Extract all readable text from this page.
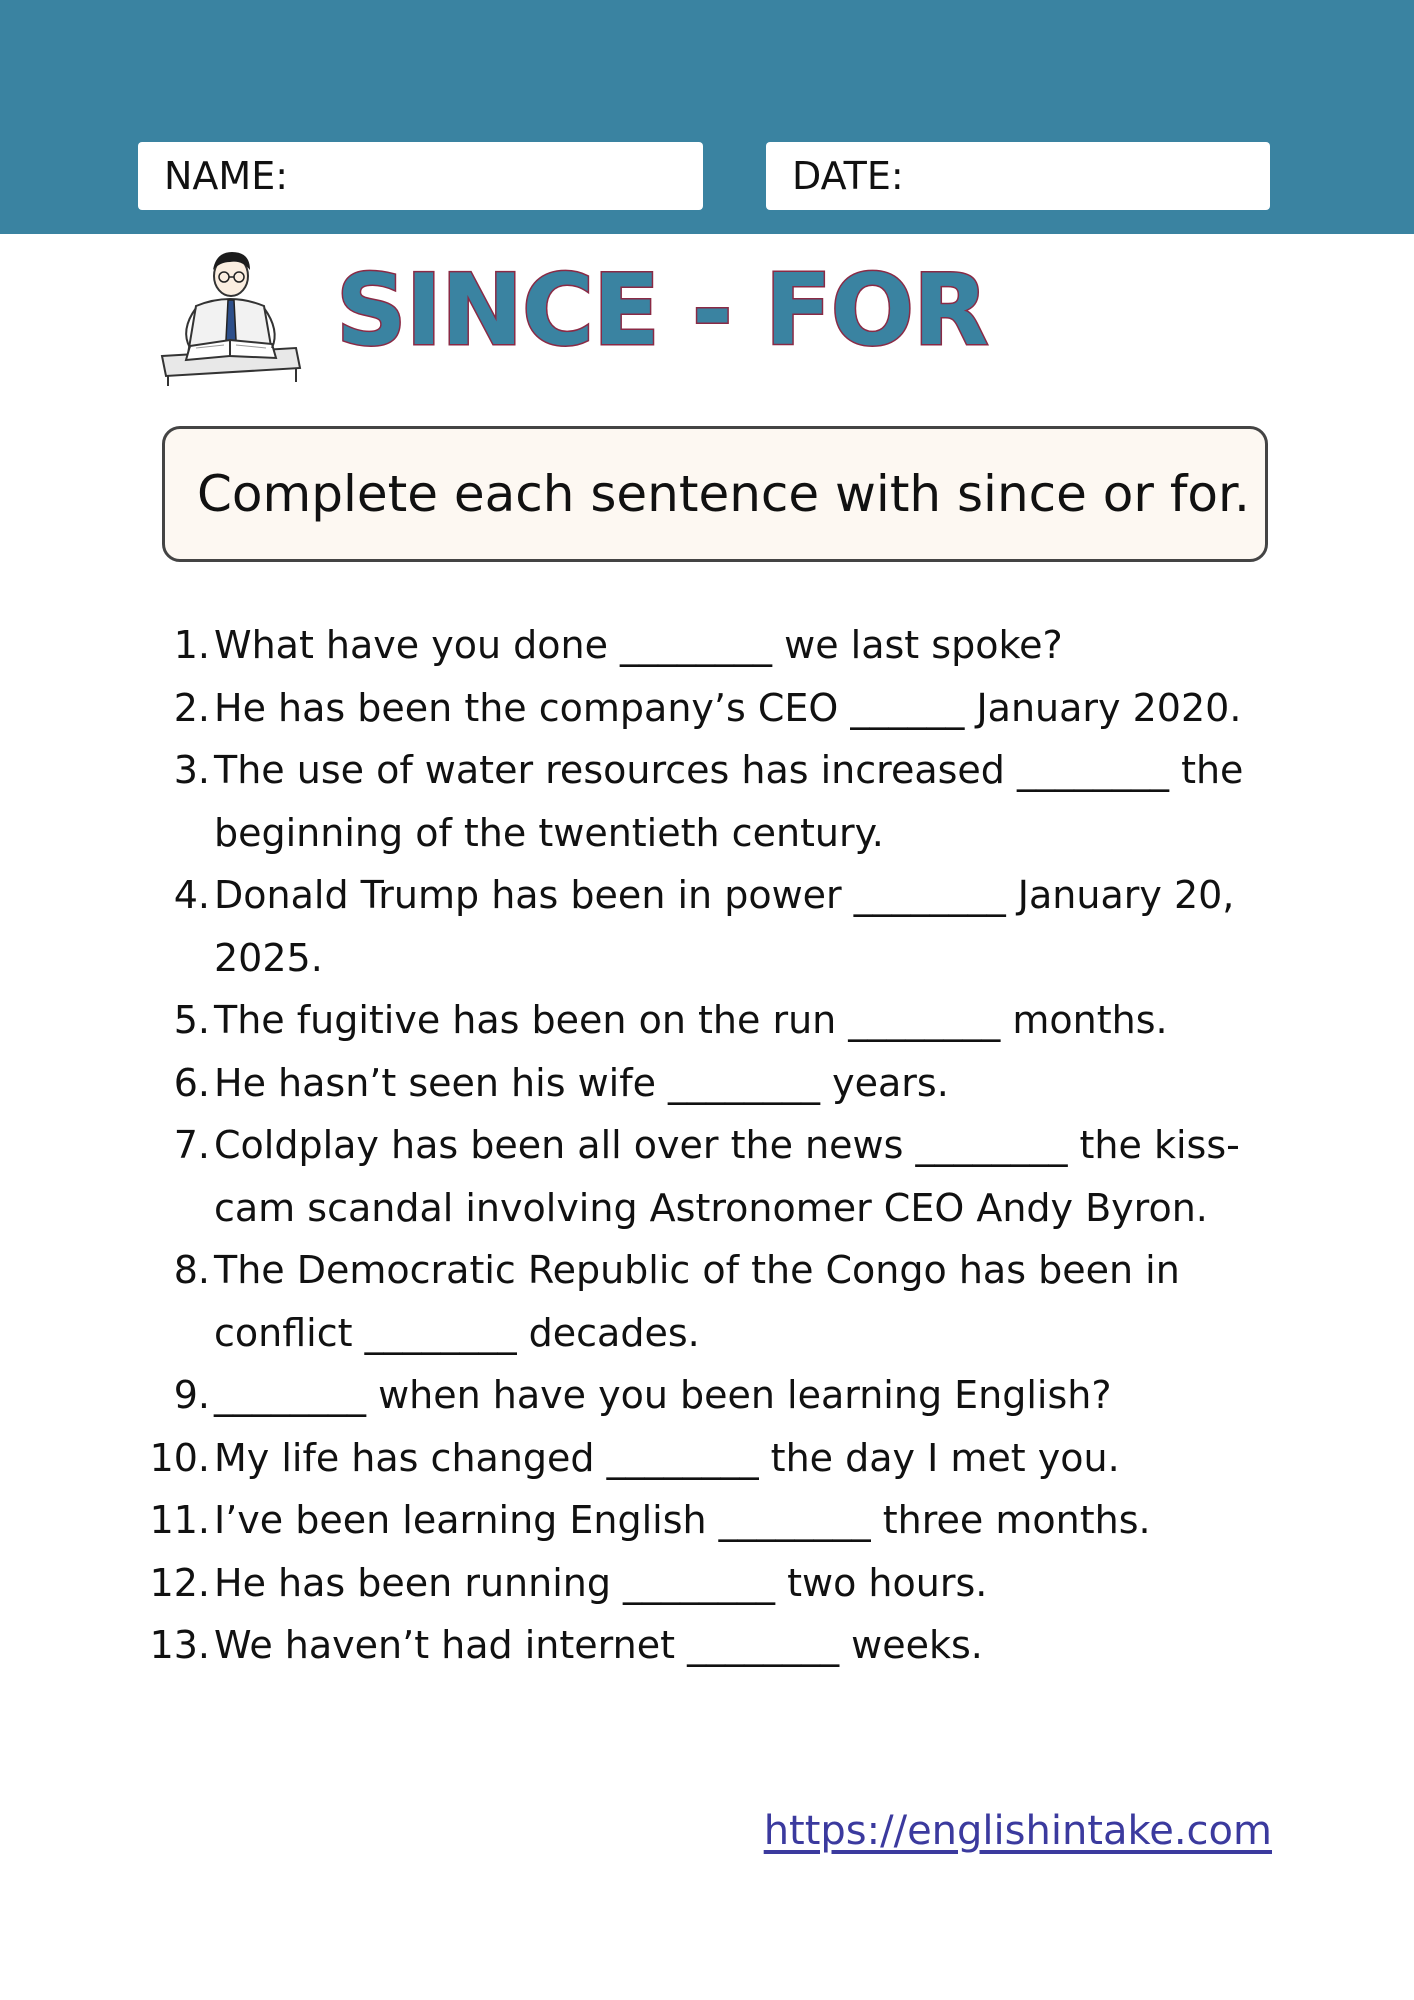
NAME:	DATE:
SINCE - FOR
Complete each sentence with since or for.
1. What have you done ________ we last spoke?
2. He has been the company’s CEO ______ January 2020.
3. The use of water resources has increased ________ the beginning of the twentieth century.
4. Donald Trump has been in power ________ January 20, 2025.
5. The fugitive has been on the run ________ months.
6. He hasn’t seen his wife ________ years.
7. Coldplay has been all over the news ________ the kiss-cam scandal involving Astronomer CEO Andy Byron.
8. The Democratic Republic of the Congo has been in conflict ________ decades.
9. ________ when have you been learning English?
10. My life has changed ________ the day I met you.
11. I’ve been learning English ________ three months.
12. He has been running ________ two hours.
13. We haven’t had internet ________ weeks.
https://englishintake.com
